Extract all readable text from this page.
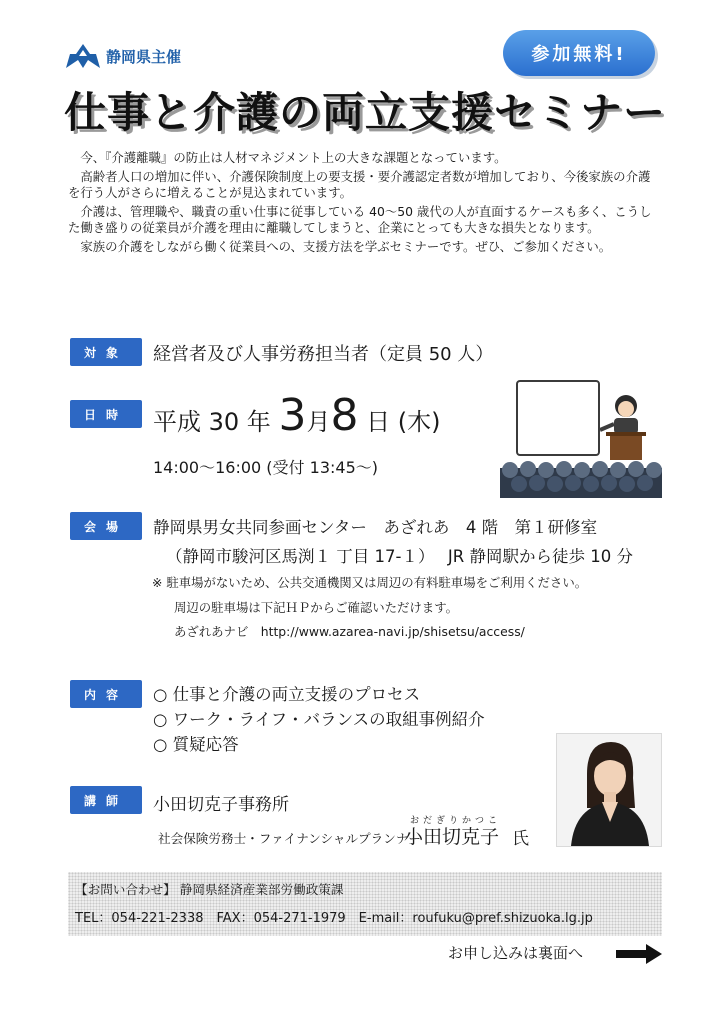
静岡県主催	参加無料!
仕事と介護の両立支援セミナー

今、『介護離職』の防止は人材マネジメント上の大きな課題となっています。

高齢者人口の増加に伴い、介護保険制度上の要支援・要介護認定者数が増加しており、今後家族の介護を行う人がさらに増えることが見込まれています。

介護は、管理職や、職責の重い仕事に従事している 40～50 歳代の人が直面するケースも多く、こうした働き盛りの従業員が介護を理由に離職してしまうと、企業にとっても大きな損失となります。

家族の介護をしながら働く従業員への、支援方法を学ぶセミナーです。ぜひ、ご参加ください。

対象	経営者及び人事労務担当者（定員 50 人）
日時	平成 30 年 3月8 日 (木)
14:00～16:00 (受付 13:45～)
会場	静岡県男女共同参画センター　あざれあ　4 階　第１研修室
（静岡市駿河区馬渕１ 丁目 17-１）　 JR 静岡駅から徒歩 10 分
※ 駐車場がないため、公共交通機関又は周辺の有料駐車場をご利用ください。
周辺の駐車場は下記ＨＰからご確認いただけます。
あざれあナビ　http://www.azarea-navi.jp/shisetsu/access/
内容	○ 仕事と介護の両立支援のプロセス
○ ワーク・ライフ・バランスの取組事例紹介
○ 質疑応答
講師	小田切克子事務所
おだぎりかつこ
社会保険労務士・ファイナンシャルプランナー
小田切克子 氏
【お問い合わせ】 静岡県経済産業部労働政策課
TEL：054-221-2338　FAX：054-271-1979　E-mail：roufuku@pref.shizuoka.lg.jp
お申し込みは裏面へ
